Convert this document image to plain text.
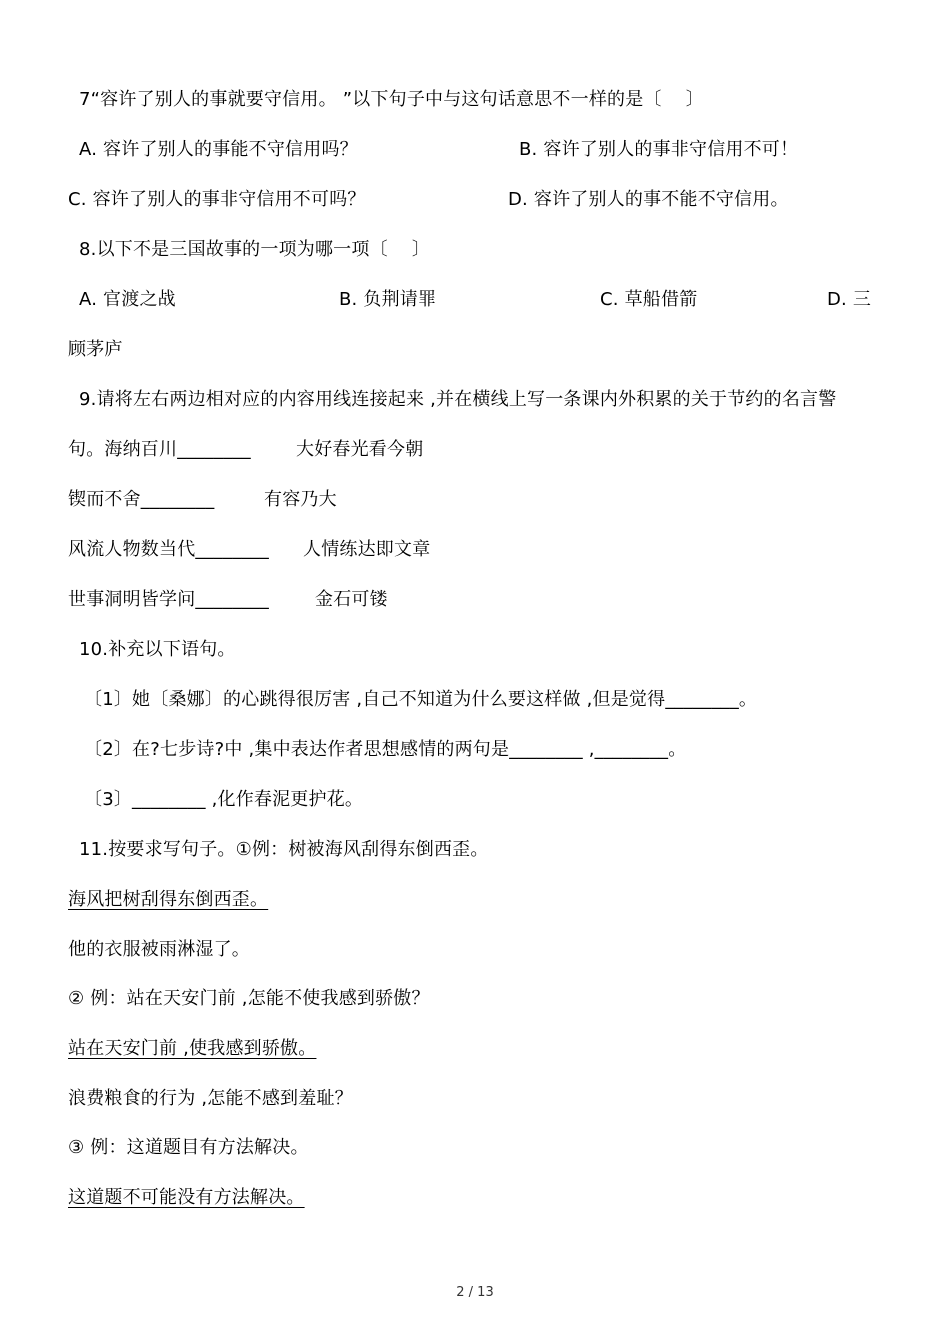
7“容许了别人的事就要守信用。 ”以下句子中与这句话意思不一样的是〔　 〕
A. 容许了别人的事能不守信用吗？	B. 容许了别人的事非守信用不可！
C. 容许了别人的事非守信用不可吗？	D. 容许了别人的事不能不守信用。
8.以下不是三国故事的一项为哪一项〔　 〕
A. 官渡之战	B. 负荆请罪	C. 草船借箭	D. 三
顾茅庐
9.请将左右两边相对应的内容用线连接起来 ,并在横线上写一条课内外积累的关于节约的名言警
句。海纳百川________	大好春光看今朝
锲而不舍________	有容乃大
风流人物数当代________ 人情练达即文章
世事洞明皆学问________	金石可镂
10.补充以下语句。
〔1〕她〔桑娜〕的心跳得很厉害 ,自己不知道为什么要这样做 ,但是觉得________。
〔2〕在?七步诗?中 ,集中表达作者思想感情的两句是________ ,________。
〔3〕________ ,化作春泥更护花。
11.按要求写句子。①例：树被海风刮得东倒西歪。
海风把树刮得东倒西歪。
他的衣服被雨淋湿了。
② 例：站在天安门前 ,怎能不使我感到骄傲？
站在天安门前 ,使我感到骄傲。
浪费粮食的行为 ,怎能不感到羞耻？
③ 例：这道题目有方法解决。
这道题不可能没有方法解决。
2 / 13
